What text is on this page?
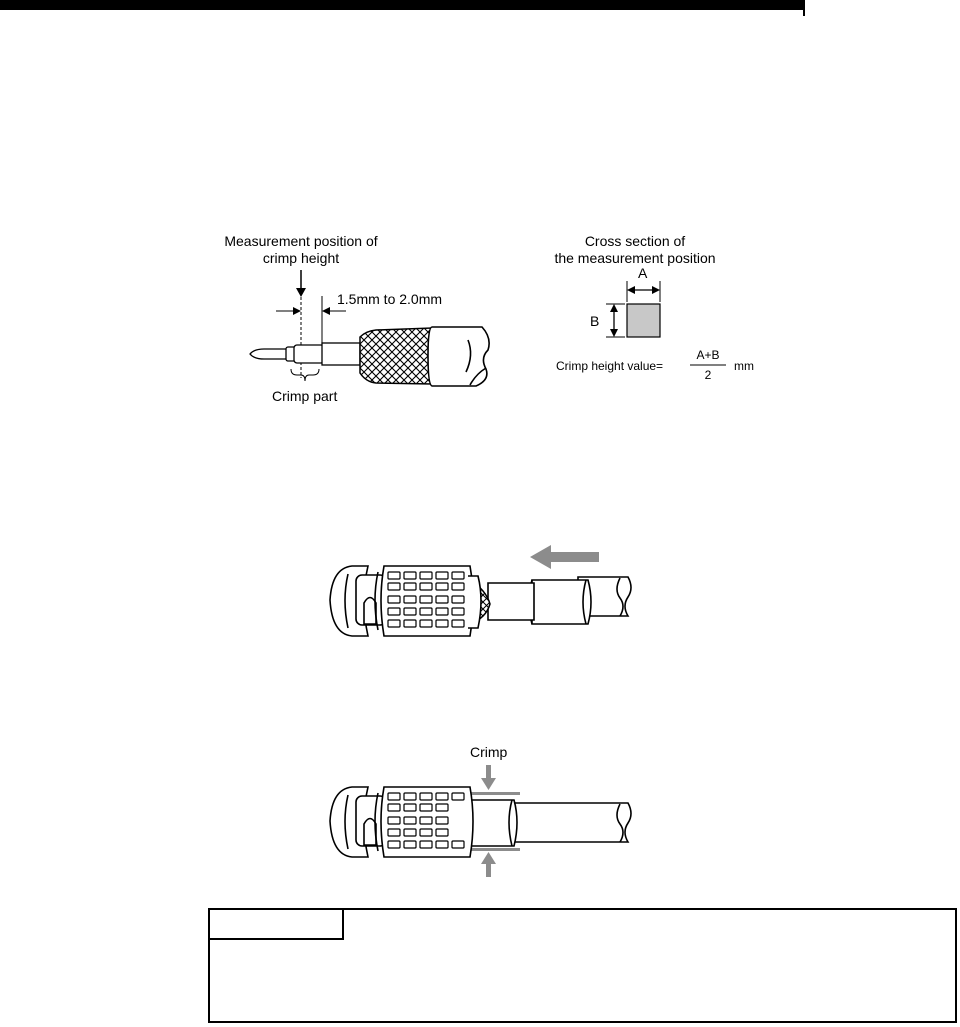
Measurement position of
crimp height
1.5mm to 2.0mm
Crimp part
Cross section of
the measurement position
A
B
Crimp height value=
A+B
2
mm
Crimp
